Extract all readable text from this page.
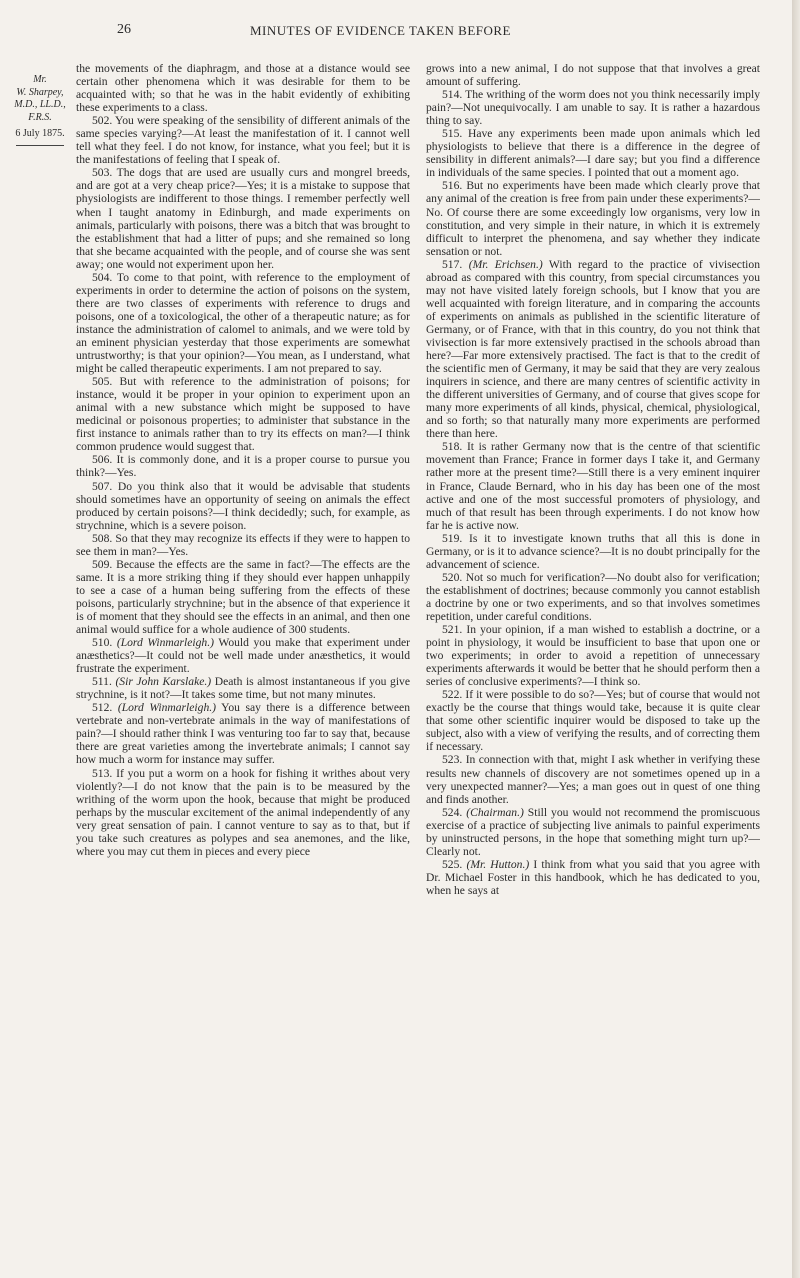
26	MINUTES OF EVIDENCE TAKEN BEFORE
Mr.
W. Sharpey,
M.D., LL.D.,
F.R.S.
6 July 1875.

the movements of the diaphragm, and those at a distance would see certain other phenomena which it was desirable for them to be acquainted with; so that he was in the habit evidently of exhibiting these experiments to a class.

502. You were speaking of the sensibility of different animals of the same species varying?—At least the manifestation of it. I cannot well tell what they feel. I do not know, for instance, what you feel; but it is the manifestations of feeling that I speak of.

503. The dogs that are used are usually curs and mongrel breeds, and are got at a very cheap price?—Yes; it is a mistake to suppose that physiologists are indifferent to those things. I remember perfectly well when I taught anatomy in Edinburgh, and made experiments on animals, particularly with poisons, there was a bitch that was brought to the establishment that had a litter of pups; and she remained so long that she became acquainted with the people, and of course she was sent away; one would not experiment upon her.

504. To come to that point, with reference to the employment of experiments in order to determine the action of poisons on the system, there are two classes of experiments with reference to drugs and poisons, one of a toxicological, the other of a therapeutic nature; as for instance the administration of calomel to animals, and we were told by an eminent physician yesterday that those experiments are somewhat untrustworthy; is that your opinion?—You mean, as I understand, what might be called therapeutic experiments. I am not prepared to say.

505. But with reference to the administration of poisons; for instance, would it be proper in your opinion to experiment upon an animal with a new substance which might be supposed to have medicinal or poisonous properties; to administer that substance in the first instance to animals rather than to try its effects on man?—I think common prudence would suggest that.

506. It is commonly done, and it is a proper course to pursue you think?—Yes.

507. Do you think also that it would be advisable that students should sometimes have an opportunity of seeing on animals the effect produced by certain poisons?—I think decidedly; such, for example, as strychnine, which is a severe poison.

508. So that they may recognize its effects if they were to happen to see them in man?—Yes.

509. Because the effects are the same in fact?—The effects are the same. It is a more striking thing if they should ever happen unhappily to see a case of a human being suffering from the effects of these poisons, particularly strychnine; but in the absence of that experience it is of moment that they should see the effects in an animal, and then one animal would suffice for a whole audience of 300 students.

510. (Lord Winmarleigh.) Would you make that experiment under anæsthetics?—It could not be well made under anæsthetics, it would frustrate the experiment.

511. (Sir John Karslake.) Death is almost instantaneous if you give strychnine, is it not?—It takes some time, but not many minutes.

512. (Lord Winmarleigh.) You say there is a difference between vertebrate and non-vertebrate animals in the way of manifestations of pain?—I should rather think I was venturing too far to say that, because there are great varieties among the invertebrate animals; I cannot say how much a worm for instance may suffer.

513. If you put a worm on a hook for fishing it writhes about very violently?—I do not know that the pain is to be measured by the writhing of the worm upon the hook, because that might be produced perhaps by the muscular excitement of the animal independently of any very great sensation of pain. I cannot venture to say as to that, but if you take such creatures as polypes and sea anemones, and the like, where you may cut them in pieces and every piece

grows into a new animal, I do not suppose that that involves a great amount of suffering.

514. The writhing of the worm does not you think necessarily imply pain?—Not unequivocally. I am unable to say. It is rather a hazardous thing to say.

515. Have any experiments been made upon animals which led physiologists to believe that there is a difference in the degree of sensibility in different animals?—I dare say; but you find a difference in individuals of the same species. I pointed that out a moment ago.

516. But no experiments have been made which clearly prove that any animal of the creation is free from pain under these experiments?—No. Of course there are some exceedingly low organisms, very low in constitution, and very simple in their nature, in which it is extremely difficult to interpret the phenomena, and say whether they indicate sensation or not.

517. (Mr. Erichsen.) With regard to the practice of vivisection abroad as compared with this country, from special circumstances you may not have visited lately foreign schools, but I know that you are well acquainted with foreign literature, and in comparing the accounts of experiments on animals as published in the scientific literature of Germany, or of France, with that in this country, do you not think that vivisection is far more extensively practised in the schools abroad than here?—Far more extensively practised. The fact is that to the credit of the scientific men of Germany, it may be said that they are very zealous inquirers in science, and there are many centres of scientific activity in the different universities of Germany, and of course that gives scope for many more experiments of all kinds, physical, chemical, physiological, and so forth; so that naturally many more experiments are performed there than here.

518. It is rather Germany now that is the centre of that scientific movement than France; France in former days I take it, and Germany rather more at the present time?—Still there is a very eminent inquirer in France, Claude Bernard, who in his day has been one of the most active and one of the most successful promoters of physiology, and much of that result has been through experiments. I do not know how far he is active now.

519. Is it to investigate known truths that all this is done in Germany, or is it to advance science?—It is no doubt principally for the advancement of science.

520. Not so much for verification?—No doubt also for verification; the establishment of doctrines; because commonly you cannot establish a doctrine by one or two experiments, and so that involves sometimes repetition, under careful conditions.

521. In your opinion, if a man wished to establish a doctrine, or a point in physiology, it would be insufficient to base that upon one or two experiments; in order to avoid a repetition of unnecessary experiments afterwards it would be better that he should perform then a series of conclusive experiments?—I think so.

522. If it were possible to do so?—Yes; but of course that would not exactly be the course that things would take, because it is quite clear that some other scientific inquirer would be disposed to take up the subject, also with a view of verifying the results, and of correcting them if necessary.

523. In connection with that, might I ask whether in verifying these results new channels of discovery are not sometimes opened up in a very unexpected manner?—Yes; a man goes out in quest of one thing and finds another.

524. (Chairman.) Still you would not recommend the promiscuous exercise of a practice of subjecting live animals to painful experiments by uninstructed persons, in the hope that something might turn up?—Clearly not.

525. (Mr. Hutton.) I think from what you said that you agree with Dr. Michael Foster in this handbook, which he has dedicated to you, when he says at
